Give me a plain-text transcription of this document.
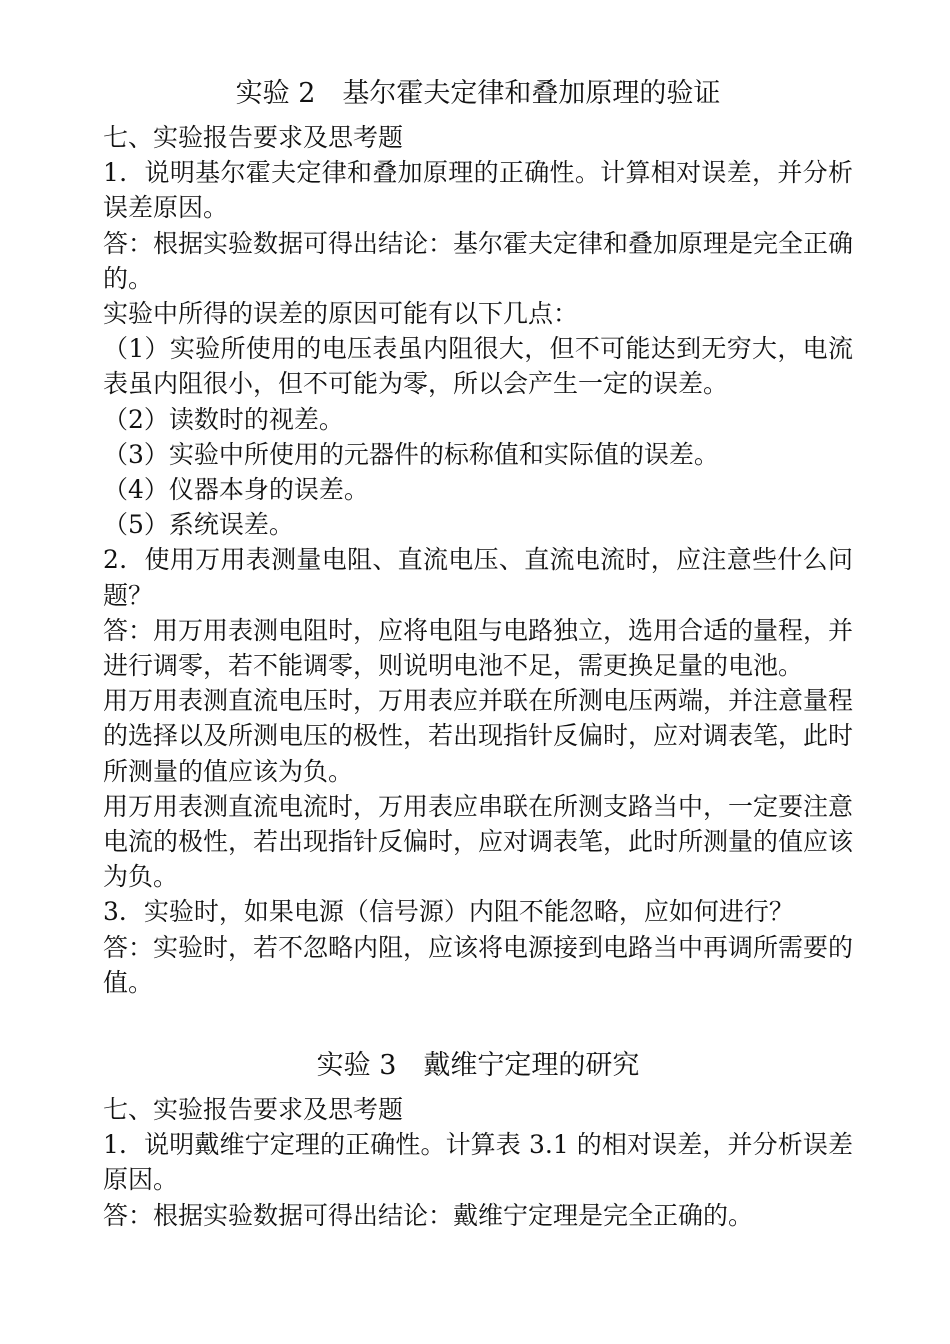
实验 2　基尔霍夫定律和叠加原理的验证
七、实验报告要求及思考题
1．说明基尔霍夫定律和叠加原理的正确性。计算相对误差，并分析误差原因。
答：根据实验数据可得出结论：基尔霍夫定律和叠加原理是完全正确的。
实验中所得的误差的原因可能有以下几点：
（1）实验所使用的电压表虽内阻很大，但不可能达到无穷大，电流表虽内阻很小，但不可能为零，所以会产生一定的误差。
（2）读数时的视差。
（3）实验中所使用的元器件的标称值和实际值的误差。
（4）仪器本身的误差。
（5）系统误差。
2．使用万用表测量电阻、直流电压、直流电流时，应注意些什么问题？
答：用万用表测电阻时，应将电阻与电路独立，选用合适的量程，并进行调零，若不能调零，则说明电池不足，需更换足量的电池。
用万用表测直流电压时，万用表应并联在所测电压两端，并注意量程的选择以及所测电压的极性，若出现指针反偏时，应对调表笔，此时所测量的值应该为负。
用万用表测直流电流时，万用表应串联在所测支路当中，一定要注意电流的极性，若出现指针反偏时，应对调表笔，此时所测量的值应该为负。
3．实验时，如果电源（信号源）内阻不能忽略，应如何进行？
答：实验时，若不忽略内阻，应该将电源接到电路当中再调所需要的值。
实验 3　戴维宁定理的研究
七、实验报告要求及思考题
1．说明戴维宁定理的正确性。计算表 3.1 的相对误差，并分析误差原因。
答：根据实验数据可得出结论：戴维宁定理是完全正确的。
